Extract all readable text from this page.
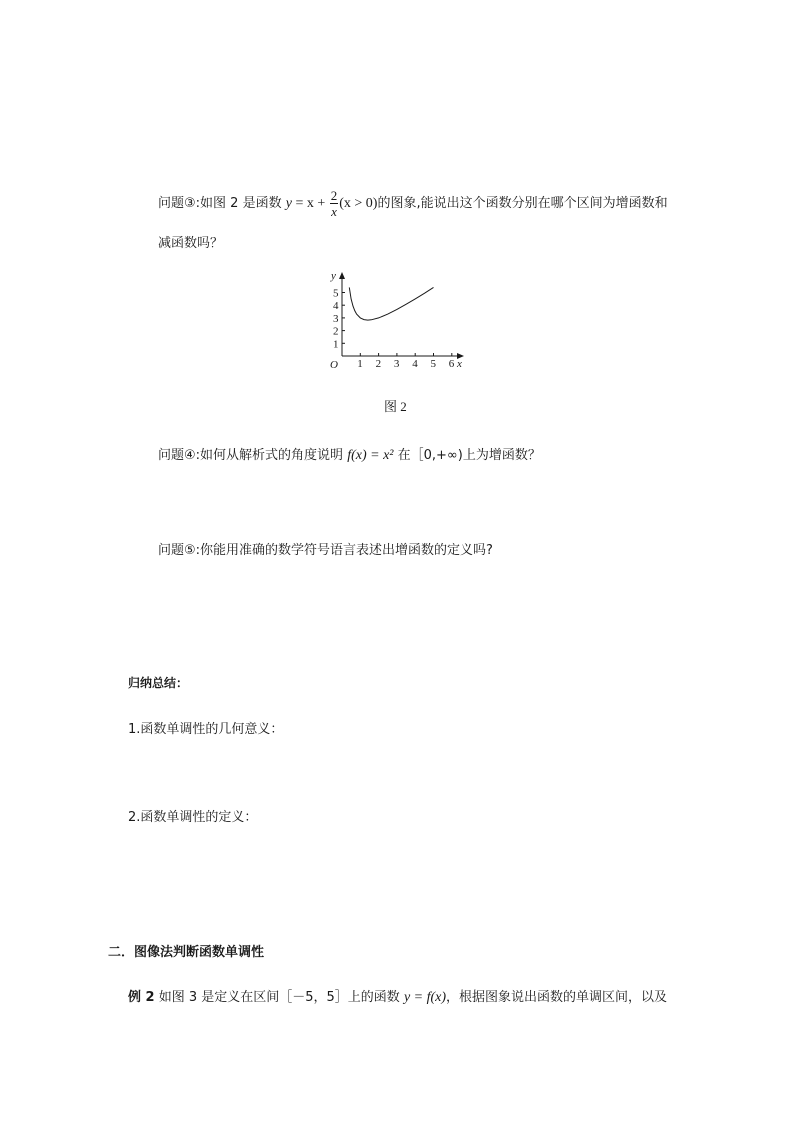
问题③:如图 2 是函数 $y = x + \frac{2}{x} (x > 0)$的图象,能说出这个函数分别在哪个区间为增函数和
减函数吗？
y
x
O 1 2 3 4 5 6
1
2
3
4
5
图 2
问题④:如何从解析式的角度说明 f(x) = x² 在［0,+∞)上为增函数？
问题⑤:你能用准确的数学符号语言表述出增函数的定义吗?
归纳总结：
1.函数单调性的几何意义：
2.函数单调性的定义：
二．图像法判断函数单调性
例 2 如图 3 是定义在区间［－5，5］上的函数 y = f(x)，根据图象说出函数的单调区间，以及
